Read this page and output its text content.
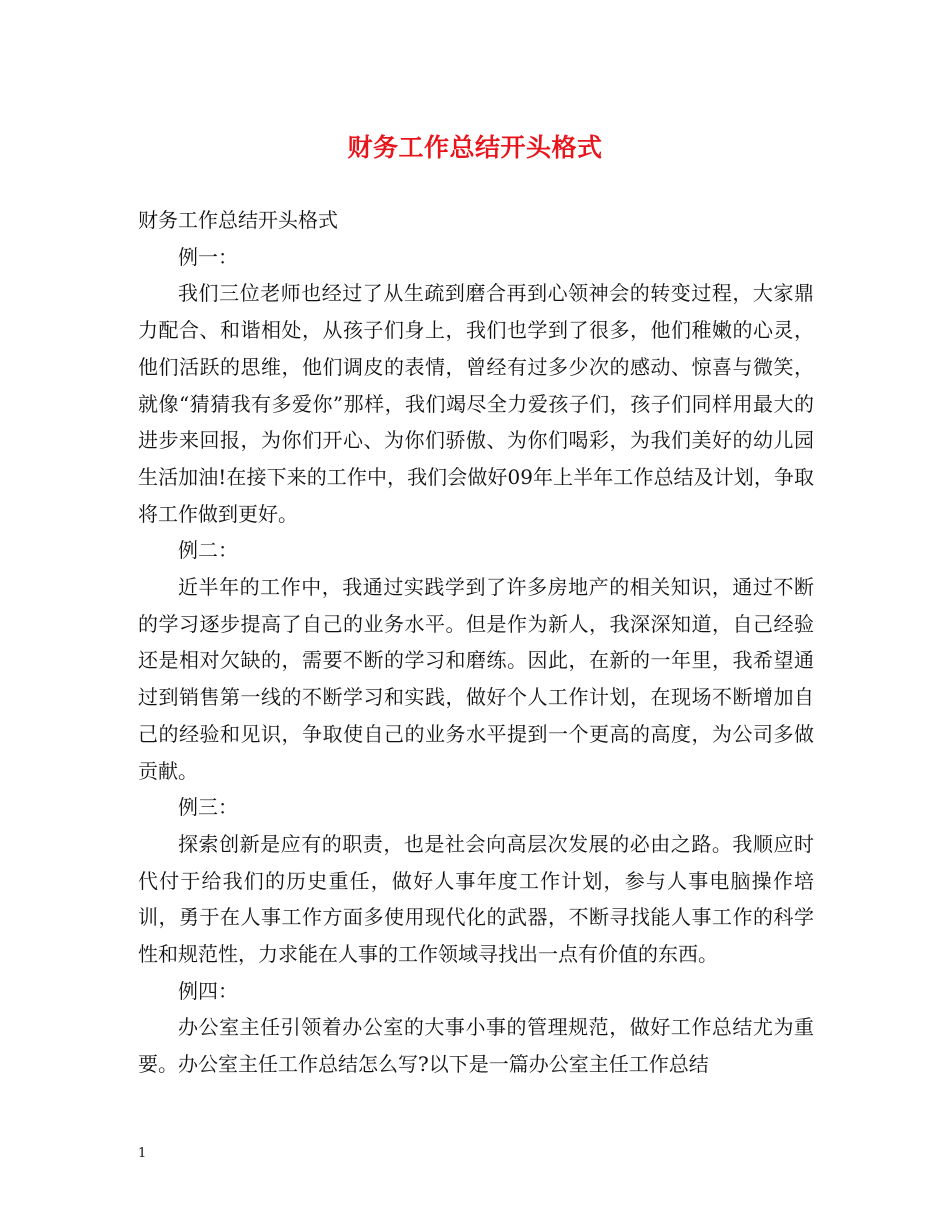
财务工作总结开头格式

财务工作总结开头格式

例一：

我们三位老师也经过了从生疏到磨合再到心领神会的转变过程，大家鼎力配合、和谐相处，从孩子们身上，我们也学到了很多，他们稚嫩的心灵，他们活跃的思维，他们调皮的表情，曾经有过多少次的感动、惊喜与微笑，就像“猜猜我有多爱你”那样，我们竭尽全力爱孩子们，孩子们同样用最大的进步来回报，为你们开心、为你们骄傲、为你们喝彩，为我们美好的幼儿园生活加油!在接下来的工作中，我们会做好09年上半年工作总结及计划，争取将工作做到更好。

例二：

近半年的工作中，我通过实践学到了许多房地产的相关知识，通过不断的学习逐步提高了自己的业务水平。但是作为新人，我深深知道，自己经验还是相对欠缺的，需要不断的学习和磨练。因此，在新的一年里，我希望通过到销售第一线的不断学习和实践，做好个人工作计划，在现场不断增加自己的经验和见识，争取使自己的业务水平提到一个更高的高度，为公司多做贡献。

例三：

探索创新是应有的职责，也是社会向高层次发展的必由之路。我顺应时代付于给我们的历史重任，做好人事年度工作计划，参与人事电脑操作培训，勇于在人事工作方面多使用现代化的武器，不断寻找能人事工作的科学性和规范性，力求能在人事的工作领域寻找出一点有价值的东西。

例四：

办公室主任引领着办公室的大事小事的管理规范，做好工作总结尤为重要。办公室主任工作总结怎么写?以下是一篇办公室主任工作总结

1
